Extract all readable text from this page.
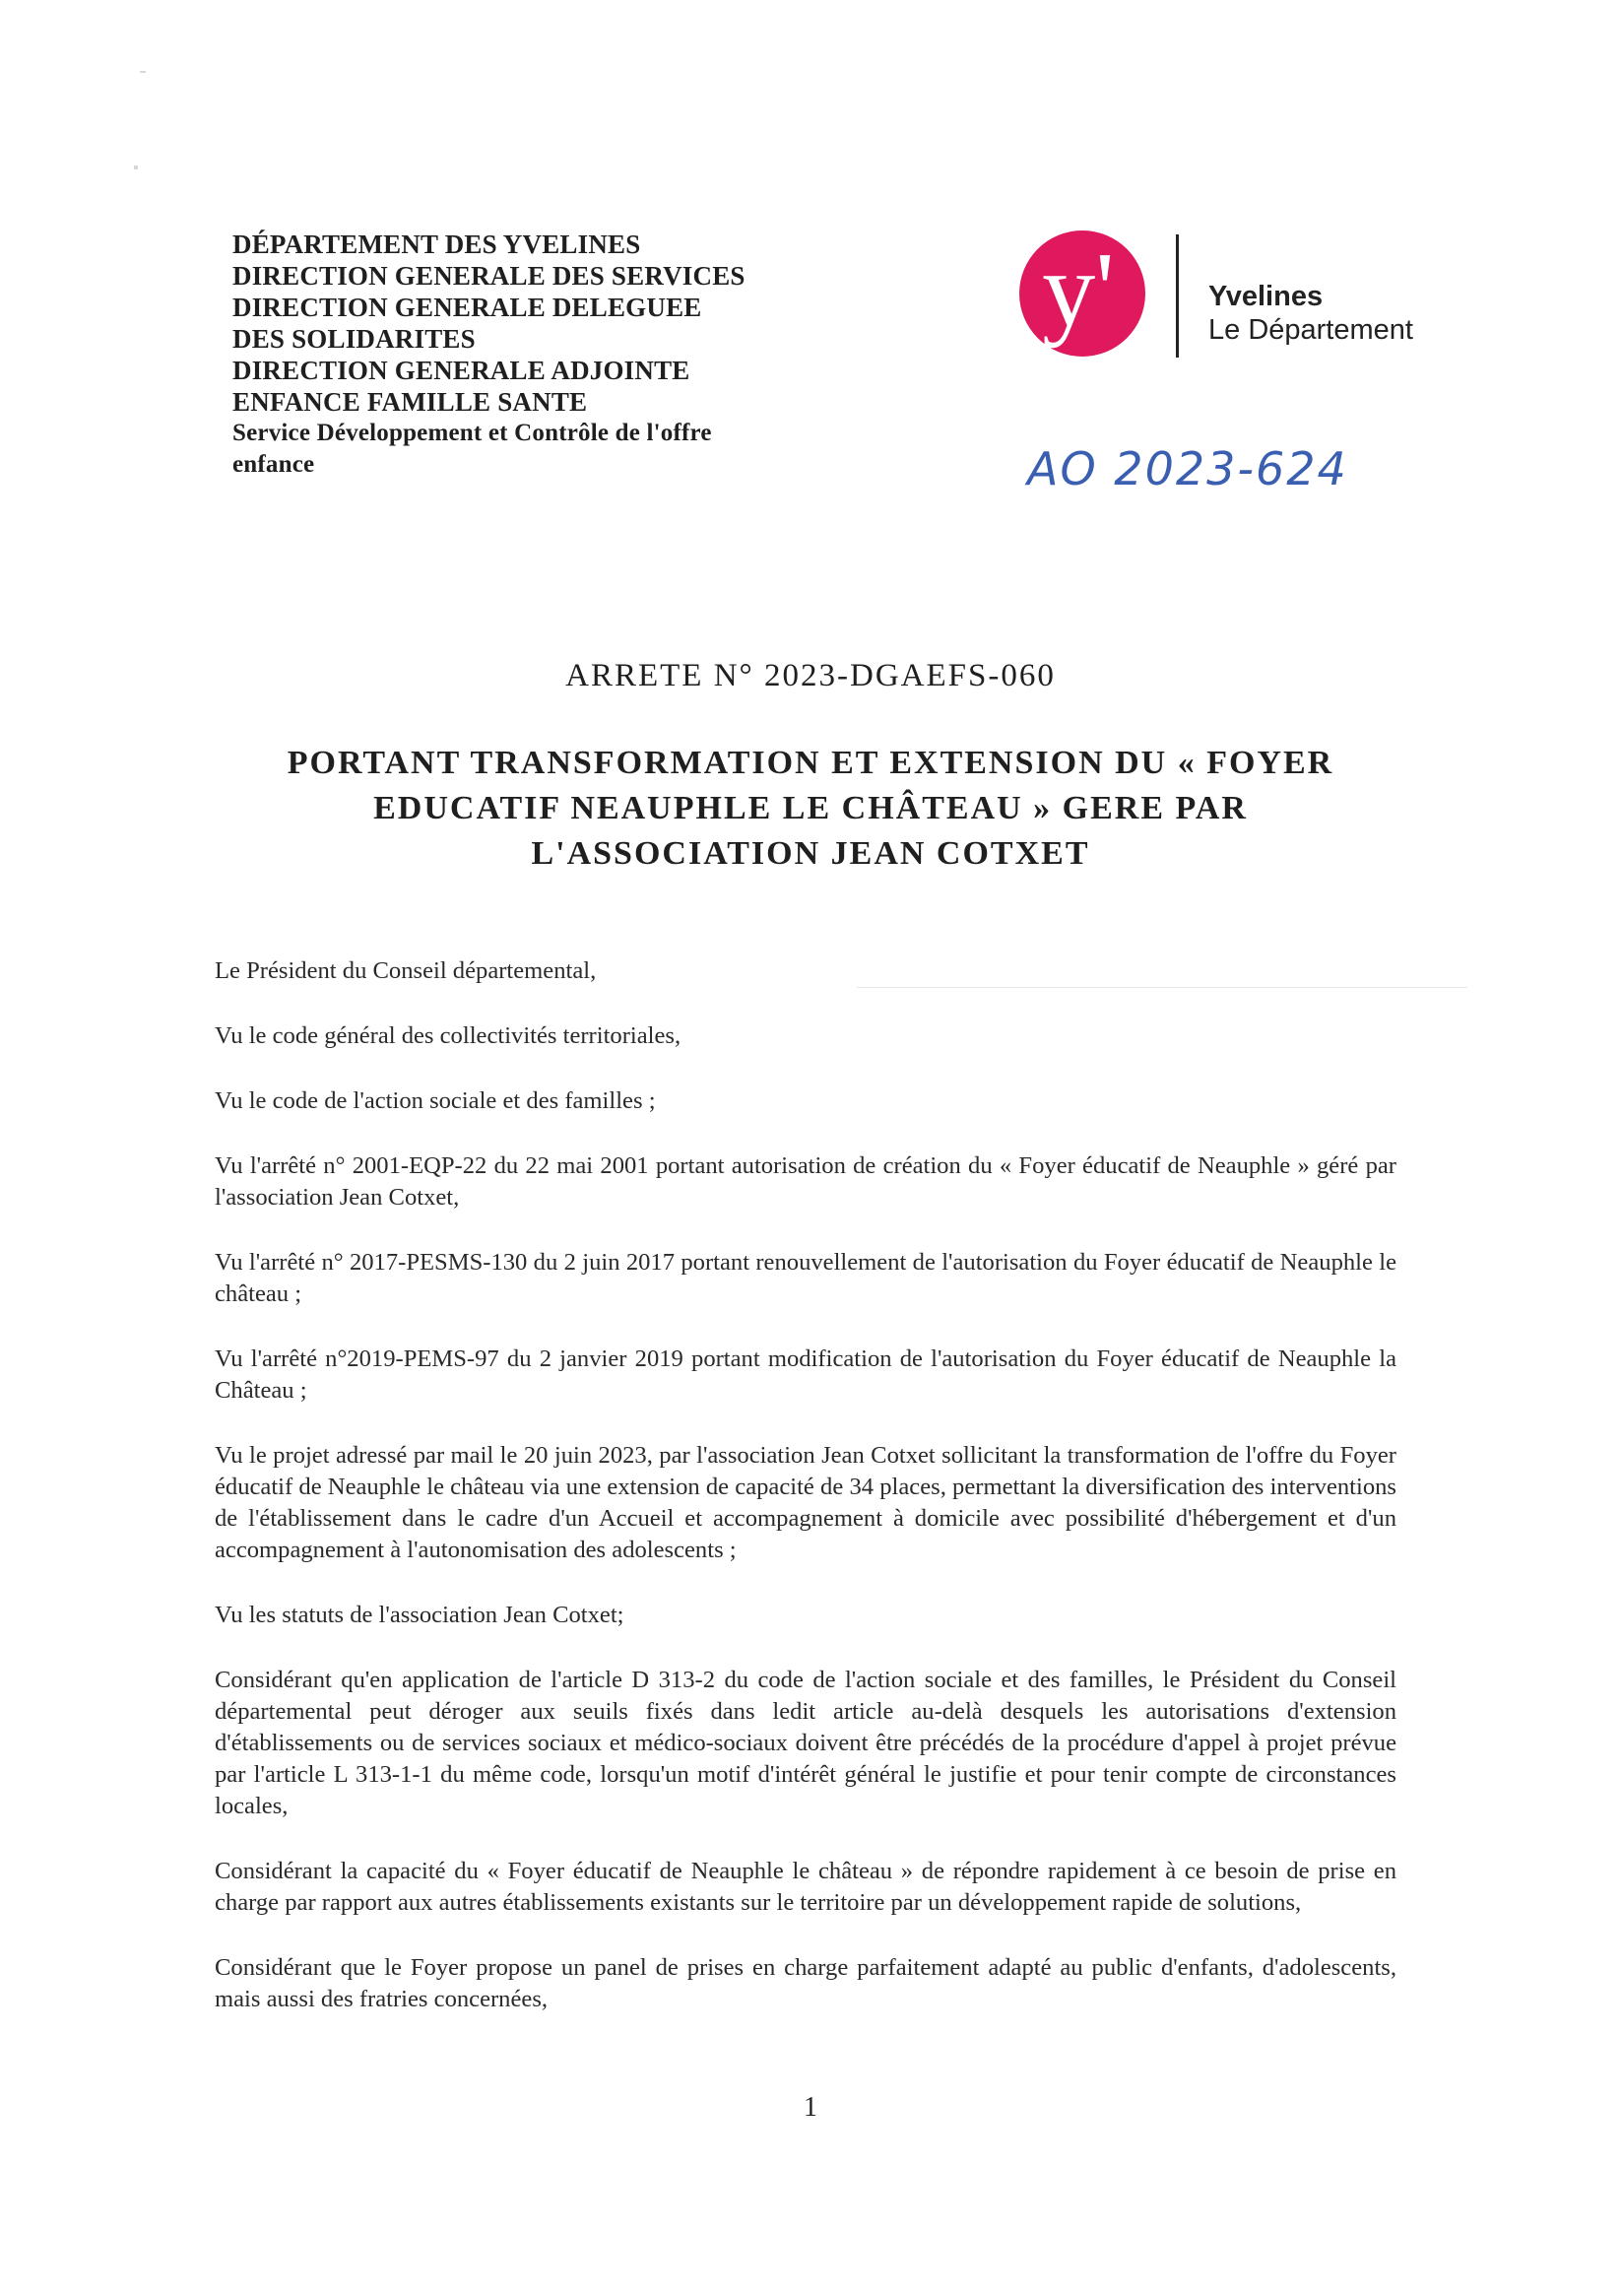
DÉPARTEMENT DES YVELINES
DIRECTION GENERALE DES SERVICES
DIRECTION GENERALE DELEGUEE
DES SOLIDARITES
DIRECTION GENERALE ADJOINTE
ENFANCE FAMILLE SANTE
Service Développement et Contrôle de l'offre
enfance
y'	Yvelines
Le Département
AO 2023-624
ARRETE N° 2023-DGAEFS-060
PORTANT TRANSFORMATION ET EXTENSION DU « FOYER
EDUCATIF NEAUPHLE LE CHÂTEAU » GERE PAR
L'ASSOCIATION JEAN COTXET

Le Président du Conseil départemental,

Vu le code général des collectivités territoriales,

Vu le code de l'action sociale et des familles ;

Vu l'arrêté n° 2001-EQP-22 du 22 mai 2001 portant autorisation de création du « Foyer éducatif de Neauphle » géré par l'association Jean Cotxet,

Vu l'arrêté n° 2017-PESMS-130 du 2 juin 2017 portant renouvellement de l'autorisation du Foyer éducatif de Neauphle le château ;

Vu l'arrêté n°2019-PEMS-97 du 2 janvier 2019 portant modification de l'autorisation du Foyer éducatif de Neauphle la Château ;

Vu le projet adressé par mail le 20 juin 2023, par l'association Jean Cotxet sollicitant la transformation de l'offre du Foyer éducatif de Neauphle le château via une extension de capacité de 34 places, permettant la diversification des interventions de l'établissement dans le cadre d'un Accueil et accompagnement à domicile avec possibilité d'hébergement et d'un accompagnement à l'autonomisation des adolescents ;

Vu les statuts de l'association Jean Cotxet;

Considérant qu'en application de l'article D 313-2 du code de l'action sociale et des familles, le Président du Conseil départemental peut déroger aux seuils fixés dans ledit article au-delà desquels les autorisations d'extension d'établissements ou de services sociaux et médico-sociaux doivent être précédés de la procédure d'appel à projet prévue par l'article L 313-1-1 du même code, lorsqu'un motif d'intérêt général le justifie et pour tenir compte de circonstances locales,

Considérant la capacité du « Foyer éducatif de Neauphle le château » de répondre rapidement à ce besoin de prise en charge par rapport aux autres établissements existants sur le territoire par un développement rapide de solutions,

Considérant que le Foyer propose un panel de prises en charge parfaitement adapté au public d'enfants, d'adolescents, mais aussi des fratries concernées,

1
